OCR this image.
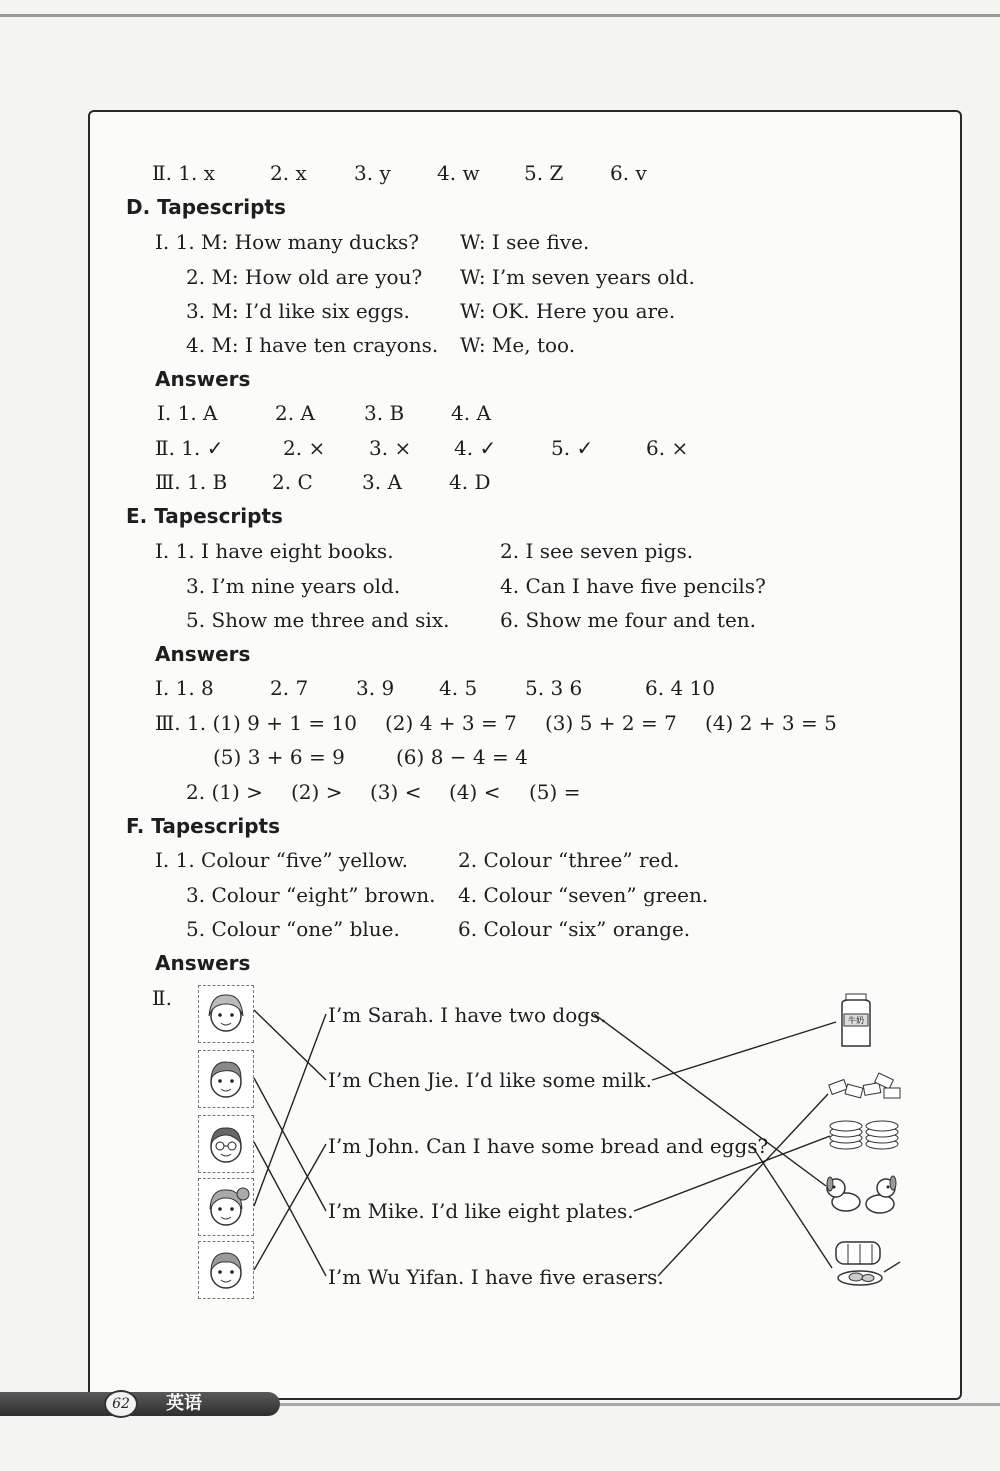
Ⅱ. 1. x	2. x 3. y 4. w 5. Z 6. v
D. Tapescripts
Ⅰ. 1. M: How many ducks? W: I see five.
2. M: How old are you? W: I’m seven years old.
3. M: I’d like six eggs.	W: OK. Here you are.
4. M: I have ten crayons. W: Me, too.
Answers
Ⅰ. 1. A	2. A 3. B 4. A
Ⅱ. 1. ✓	2. × 3. × 4. ✓	5. ✓	6. ×
Ⅲ. 1. B 2. C 3. A 4. D
E. Tapescripts
Ⅰ. 1. I have eight books.	2. I see seven pigs.
3. I’m nine years old.	4. Can I have five pencils?
5. Show me three and six.	6. Show me four and ten.
Answers
Ⅰ. 1. 8	2. 7 3. 9 4. 5 5. 3 6	6. 4 10
Ⅲ. 1. (1) 9 + 1 = 10 (2) 4 + 3 = 7 (3) 5 + 2 = 7 (4) 2 + 3 = 5
(5) 3 + 6 = 9	(6) 8 − 4 = 4
2. (1) > (2) > (3) < (4) < (5) =
F. Tapescripts
Ⅰ. 1. Colour “five” yellow.	2. Colour “three” red.
3. Colour “eight” brown. 4. Colour “seven” green.
5. Colour “one” blue.	6. Colour “six” orange.
Answers
Ⅱ.
I’m Sarah. I have two dogs.
I’m Chen Jie. I’d like some milk.
I’m John. Can I have some bread and eggs?
I’m Mike. I’d like eight plates.
I’m Wu Yifan. I have five erasers.
牛奶
62	英语
